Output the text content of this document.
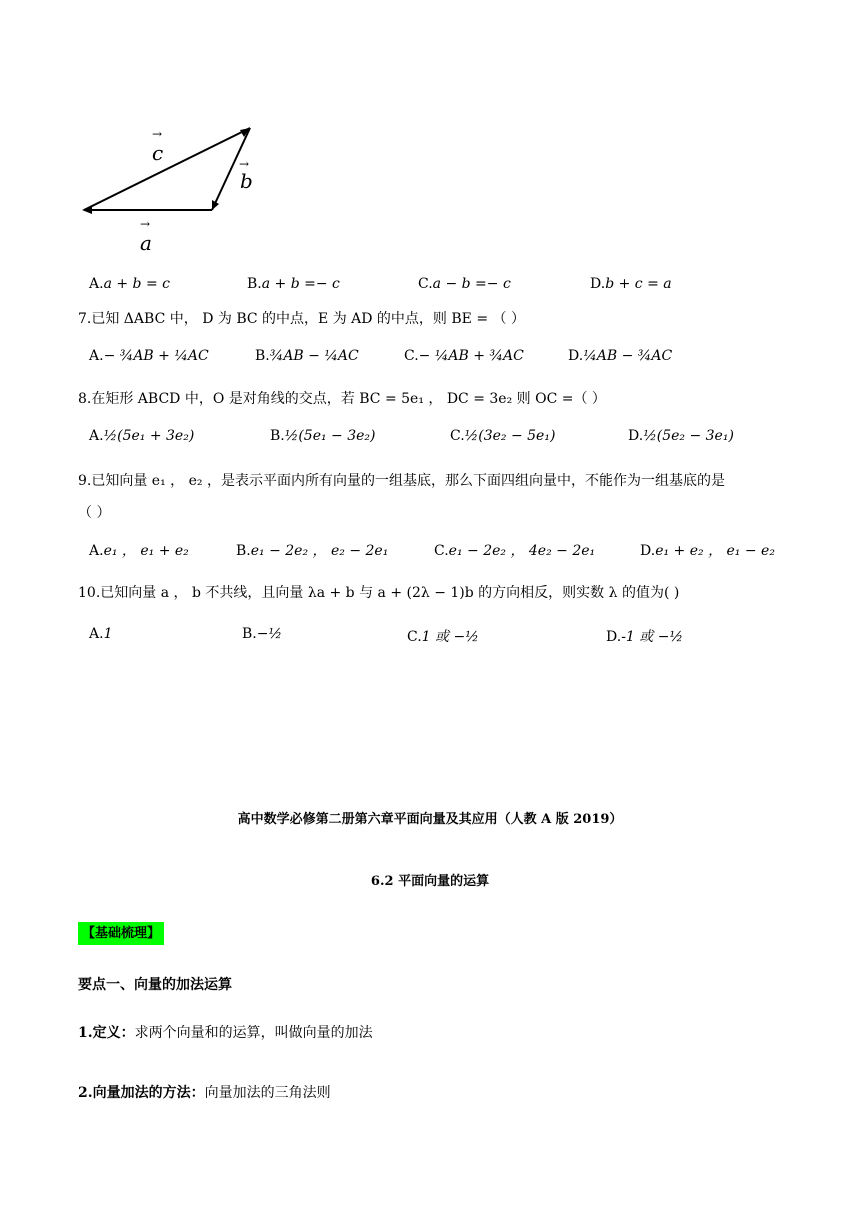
c
→
b
→
a
→
A.a + b = c	B.a + b =− c	C.a − b =− c	D.b + c = a
7.已知 ΔABC 中， D 为 BC 的中点，E 为 AD 的中点，则 BE = （ ）
A.− ¾AB + ¼AC	B.¾AB − ¼AC	C.− ¼AB + ¾AC	D.¼AB − ¾AC
8.在矩形 ABCD 中，O 是对角线的交点，若 BC = 5e₁ ， DC = 3e₂ 则 OC =（ ）
A.½(5e₁ + 3e₂)	B.½(5e₁ − 3e₂)	C.½(3e₂ − 5e₁)	D.½(5e₂ − 3e₁)
9.已知向量 e₁ ， e₂ ，是表示平面内所有向量的一组基底，那么下面四组向量中，不能作为一组基底的是
（ ）
A.e₁ ， e₁ + e₂	B.e₁ − 2e₂ ， e₂ − 2e₁	C.e₁ − 2e₂ ， 4e₂ − 2e₁	D.e₁ + e₂ ， e₁ − e₂
10.已知向量 a ， b 不共线，且向量 λa + b 与 a + (2λ − 1)b 的方向相反，则实数 λ 的值为( )
A.1	B.−½	C.1 或 −½	D.-1 或 −½
高中数学必修第二册第六章平面向量及其应用（人教 A 版 2019）
6.2 平面向量的运算
【基础梳理】
要点一、向量的加法运算
1.定义：求两个向量和的运算，叫做向量的加法
2.向量加法的方法：向量加法的三角法则
